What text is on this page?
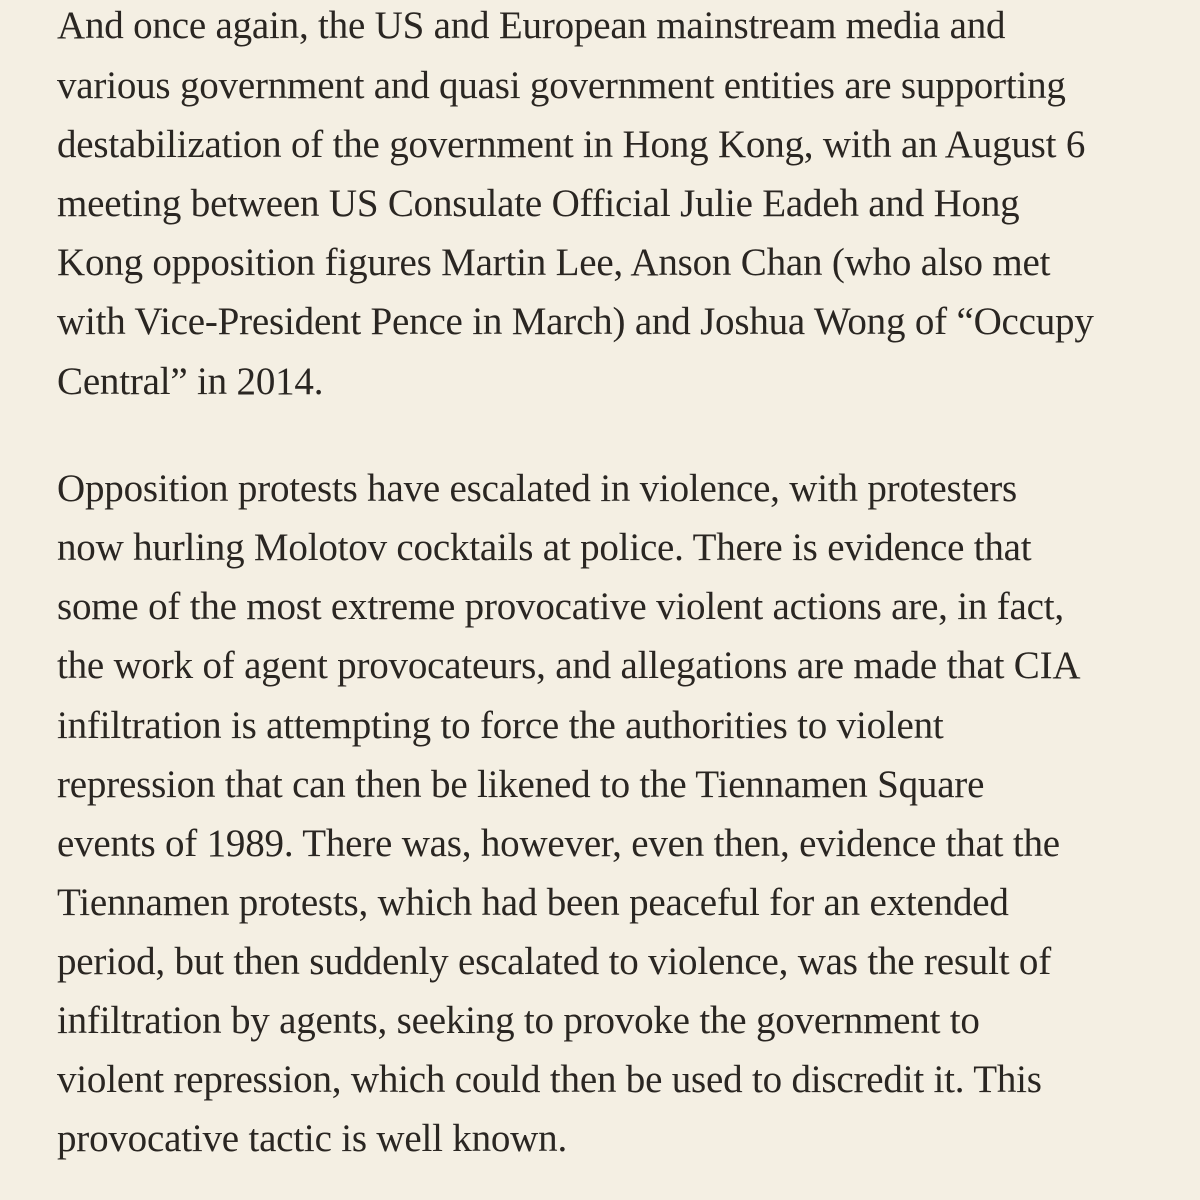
And once again, the US and European mainstream media and
various government and quasi government entities are supporting
destabilization of the government in Hong Kong, with an August 6
meeting between US Consulate Official Julie Eadeh and Hong
Kong opposition figures Martin Lee, Anson Chan (who also met
with Vice-President Pence in March) and Joshua Wong of “Occupy
Central” in 2014.
Opposition protests have escalated in violence, with protesters
now hurling Molotov cocktails at police. There is evidence that
some of the most extreme provocative violent actions are, in fact,
the work of agent provocateurs, and allegations are made that CIA
infiltration is attempting to force the authorities to violent
repression that can then be likened to the Tiennamen Square
events of 1989. There was, however, even then, evidence that the
Tiennamen protests, which had been peaceful for an extended
period, but then suddenly escalated to violence, was the result of
infiltration by agents, seeking to provoke the government to
violent repression, which could then be used to discredit it. This
provocative tactic is well known.
